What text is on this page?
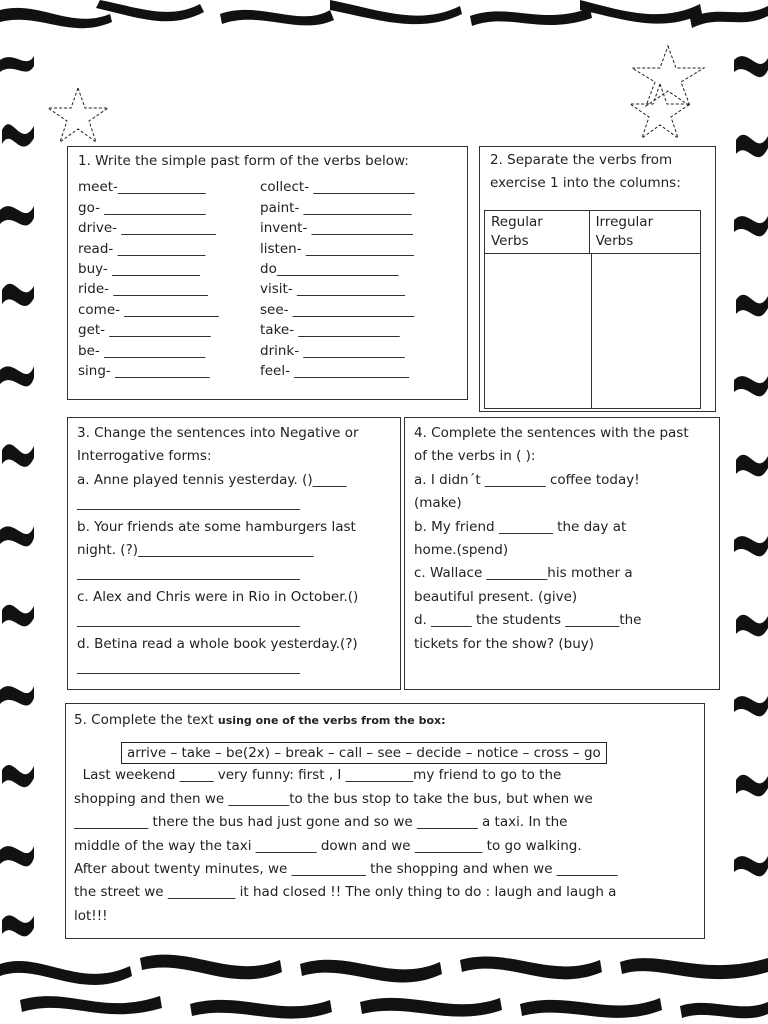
1. Write the simple past form of the verbs below:

meet-_____________
go- _______________
drive- ______________
read- _____________
buy- _____________
ride- ______________
come- ______________
get- _______________
be- _______________
sing- ______________
collect- _______________
paint- ________________
invent- _______________
listen- ________________
do__________________
visit- ________________
see- __________________
take- _______________
drink- _______________
feel- _________________
2. Separate the verbs from
exercise 1 into the columns:
Regular
Verbs
Irregular
Verbs
3. Change the sentences into Negative or
Interrogative forms:
a. Anne played tennis yesterday. ()_____
_________________________________
b. Your friends ate some hamburgers last
night. (?)__________________________
_________________________________
c. Alex and Chris were in Rio in October.()
_________________________________
d. Betina read a whole book yesterday.(?)
_________________________________
4. Complete the sentences with the past
of the verbs in ( ):
a. I didn´t _________ coffee today!
(make)
b. My friend ________ the day at
home.(spend)
c. Wallace _________his mother a
beautiful present. (give)
d. ______ the students ________the
tickets for the show? (buy)
5. Complete the text using one of the verbs from the box:
arrive – take – be(2x) – break – call – see – decide – notice – cross – go
Last weekend _____ very funny: first , I __________my friend to go to the
shopping and then we _________to the bus stop to take the bus, but when we
___________ there the bus had just gone and so we _________ a taxi. In the
middle of the way the taxi _________ down and we __________ to go walking.
After about twenty minutes, we ___________ the shopping and when we _________
the street we __________ it had closed !! The only thing to do : laugh and laugh a
lot!!!
